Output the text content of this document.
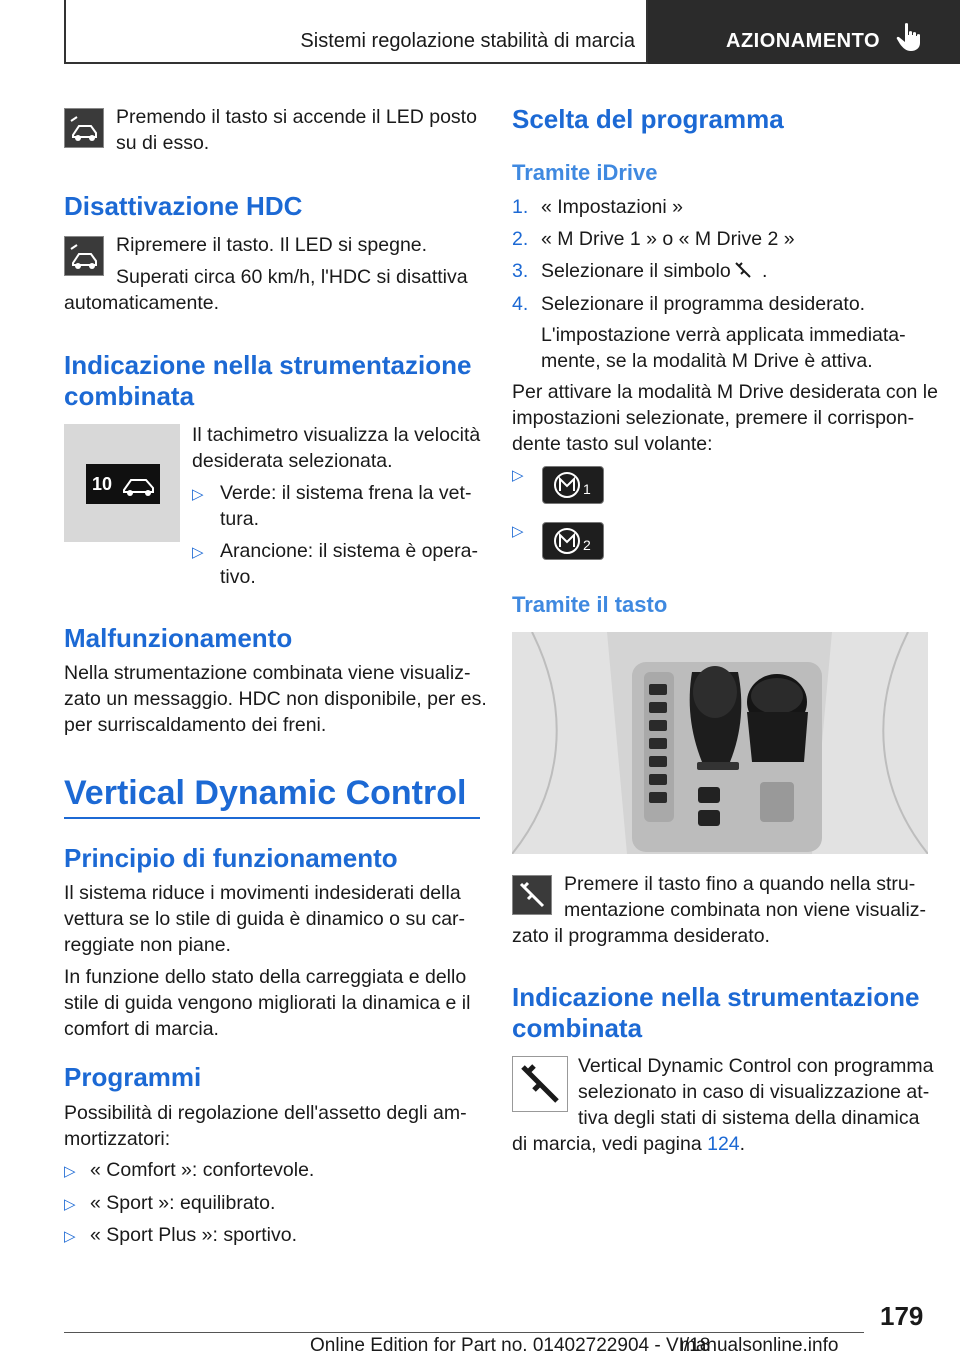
Sistemi regolazione stabilità di marcia	AZIONAMENTO
Premendo il tasto si accende il LED posto
su di esso.
Disattivazione HDC
Ripremere il tasto. Il LED si spegne.
Superati circa 60 km/h, l'HDC si disattiva
automaticamente.
Indicazione nella strumentazione
combinata
10
Il tachimetro visualizza la velocità
desiderata selezionata.
▷ Verde: il sistema frena la vet-
tura.
▷ Arancione: il sistema è opera-
tivo.
Malfunzionamento
Nella strumentazione combinata viene visualiz-
zato un messaggio. HDC non disponibile, per es.
per surriscaldamento dei freni.
Vertical Dynamic Control
Principio di funzionamento
Il sistema riduce i movimenti indesiderati della
vettura se lo stile di guida è dinamico o su car-
reggiate non piane.
In funzione dello stato della carreggiata e dello
stile di guida vengono migliorati la dinamica e il
comfort di marcia.
Programmi
Possibilità di regolazione dell'assetto degli am-
mortizzatori:
▷ « Comfort »: confortevole.
▷ « Sport »: equilibrato.
▷ « Sport Plus »: sportivo.
Scelta del programma
Tramite iDrive
1. « Impostazioni »
2. « M Drive 1 » o « M Drive 2 »
3. Selezionare il simbolo .
4. Selezionare il programma desiderato.
L'impostazione verrà applicata immediata-
mente, se la modalità M Drive è attiva.
Per attivare la modalità M Drive desiderata con le
impostazioni selezionate, premere il corrispon-
dente tasto sul volante:
▷
1
▷
2
Tramite il tasto
Premere il tasto fino a quando nella stru-
mentazione combinata non viene visualiz-
zato il programma desiderato.
Indicazione nella strumentazione
combinata
Vertical Dynamic Control con programma
selezionato in caso di visualizzazione at-
tiva degli stati di sistema della dinamica
di marcia, vedi pagina 124.
179
Online Edition for Part no. 01402722904 - VI/18
manualsonline.info
